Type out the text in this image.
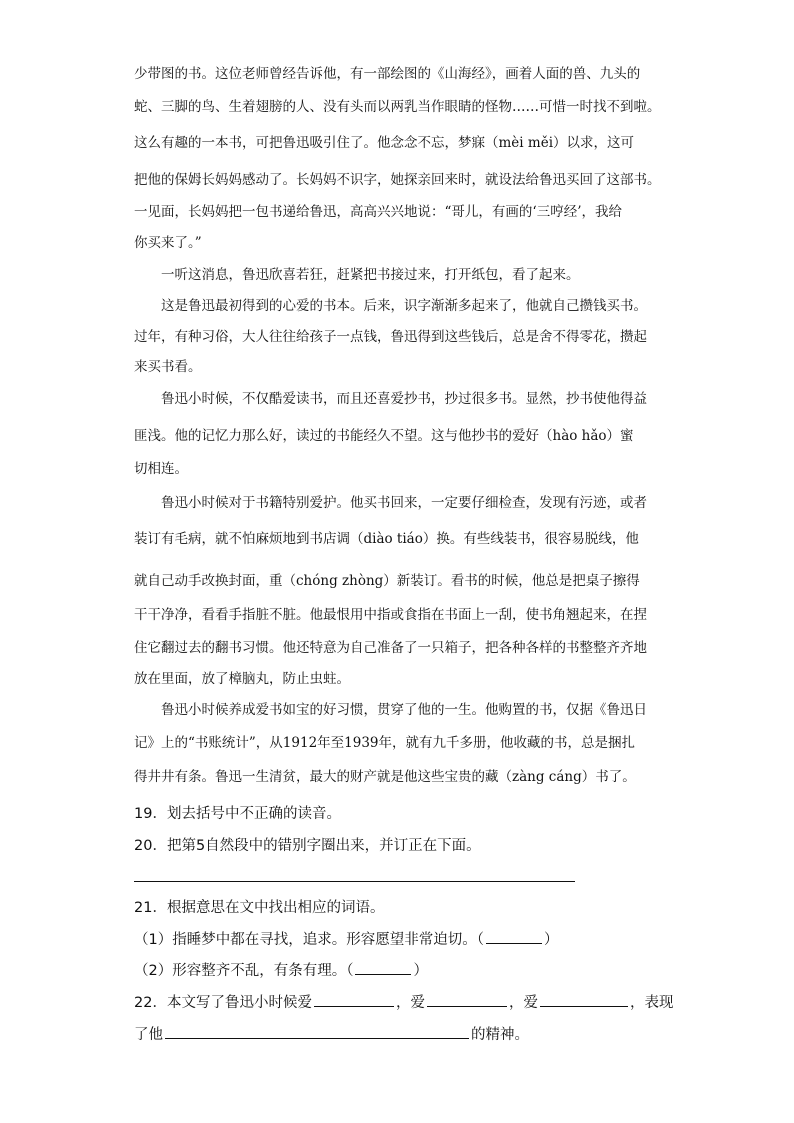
少带图的书。这位老师曾经告诉他，有一部绘图的《山海经》，画着人面的兽、九头的
蛇、三脚的鸟、生着翅膀的人、没有头而以两乳当作眼睛的怪物……可惜一时找不到啦。
这么有趣的一本书，可把鲁迅吸引住了。他念念不忘，梦寐（mèi měi）以求，这可
把他的保姆长妈妈感动了。长妈妈不识字，她探亲回来时，就设法给鲁迅买回了这部书。
一见面，长妈妈把一包书递给鲁迅，高高兴兴地说：“哥儿，有画的‘三哼经’，我给
你买来了。”
一听这消息，鲁迅欣喜若狂，赶紧把书接过来，打开纸包，看了起来。
这是鲁迅最初得到的心爱的书本。后来，识字渐渐多起来了，他就自己攒钱买书。
过年，有种习俗，大人往往给孩子一点钱，鲁迅得到这些钱后，总是舍不得零花，攒起
来买书看。
鲁迅小时候，不仅酷爱读书，而且还喜爱抄书，抄过很多书。显然，抄书使他得益
匪浅。他的记忆力那么好，读过的书能经久不望。这与他抄书的爱好（hào hǎo）蜜
切相连。
鲁迅小时候对于书籍特别爱护。他买书回来，一定要仔细检查，发现有污迹，或者
装订有毛病，就不怕麻烦地到书店调（diào tiáo）换。有些线装书，很容易脱线，他
就自己动手改换封面，重（chóng zhòng）新装订。看书的时候，他总是把桌子擦得
干干净净，看看手指脏不脏。他最恨用中指或食指在书面上一刮，使书角翘起来，在捏
住它翻过去的翻书习惯。他还特意为自己准备了一只箱子，把各种各样的书整整齐齐地
放在里面，放了樟脑丸，防止虫蛀。
鲁迅小时候养成爱书如宝的好习惯，贯穿了他的一生。他购置的书，仅据《鲁迅日
记》上的“书账统计”，从1912年至1939年，就有九千多册，他收藏的书，总是捆扎
得井井有条。鲁迅一生清贫，最大的财产就是他这些宝贵的藏（zàng cáng）书了。
19．划去括号中不正确的读音。
20．把第5自然段中的错别字圈出来，并订正在下面。
21．根据意思在文中找出相应的词语。
（1）指睡梦中都在寻找，追求。形容愿望非常迫切。（	）
（2）形容整齐不乱，有条有理。（	）
22．本文写了鲁迅小时候爱	，爱	，爱	，表现
了他	的精神。
